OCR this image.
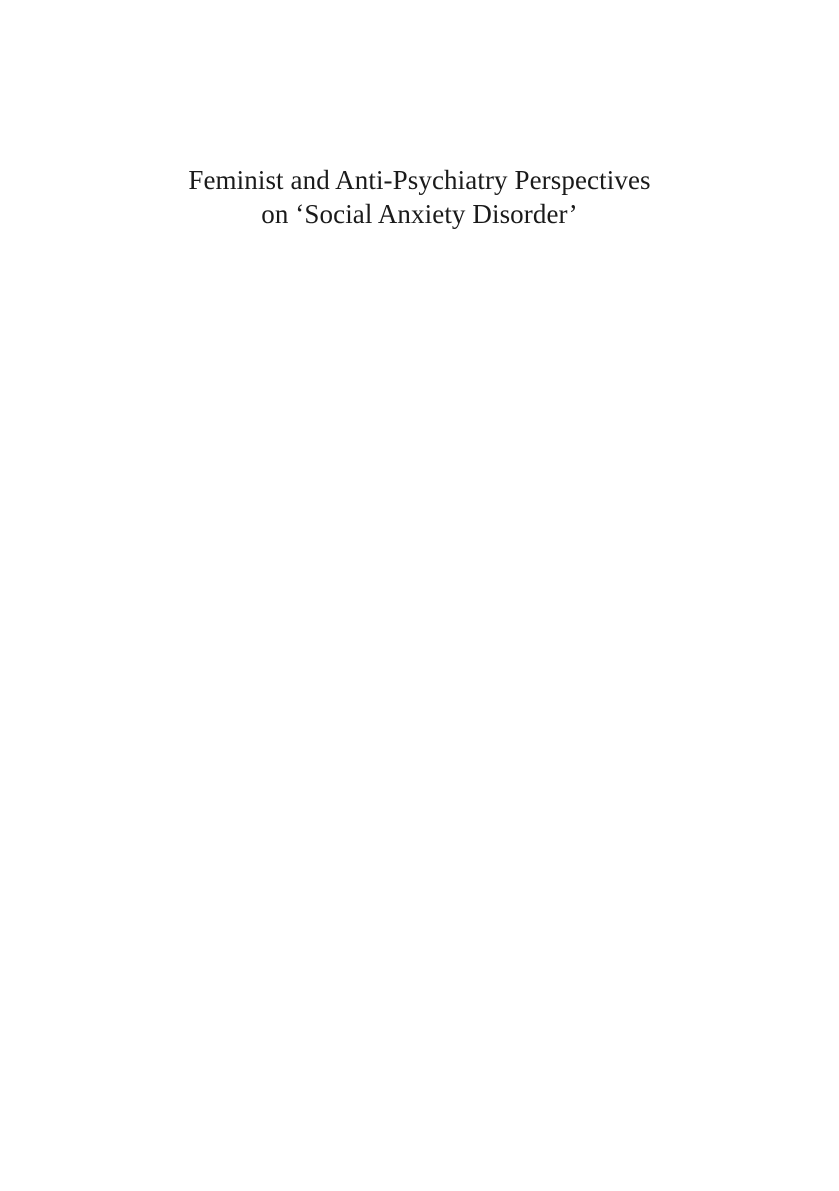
Feminist and Anti-Psychiatry Perspectives
on ‘Social Anxiety Disorder’
